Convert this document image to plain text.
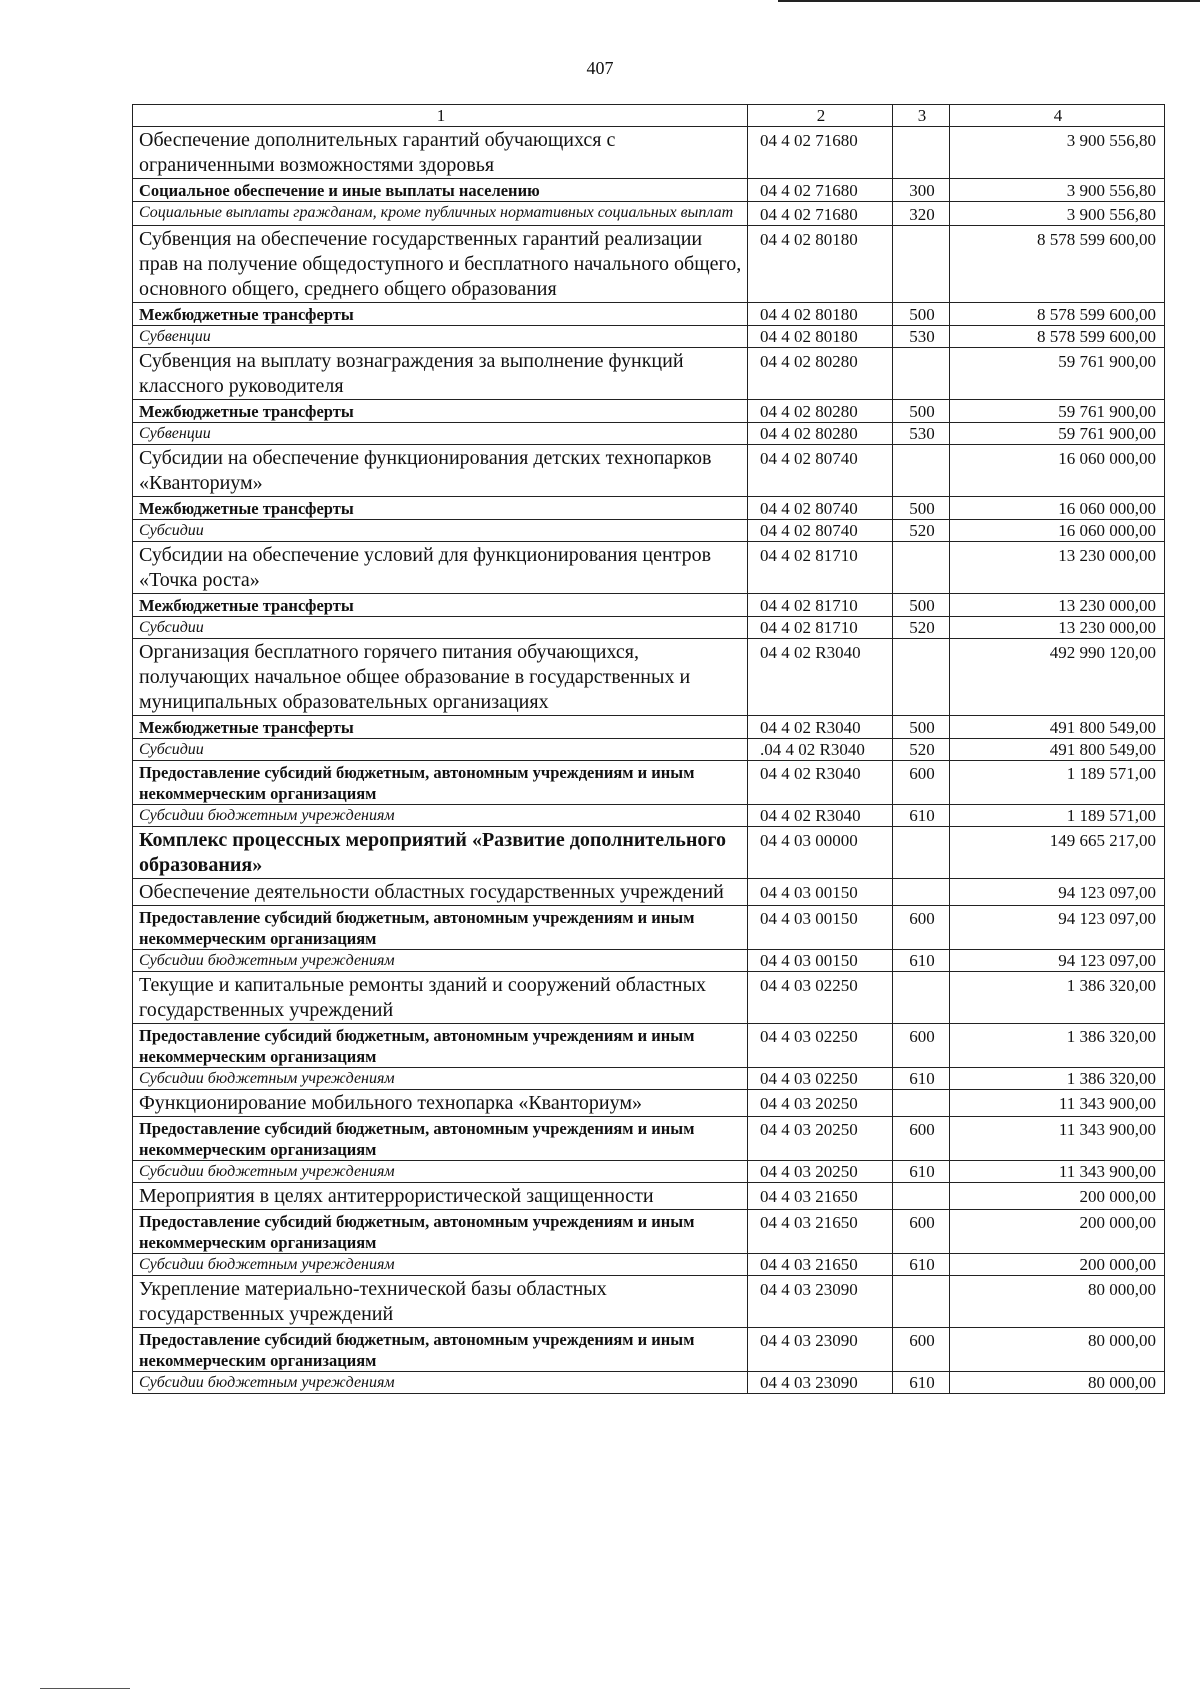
407
1	2	3	4
Обеспечение дополнительных гарантий обучающихся с ограниченными возможностями здоровья	04 4 02 71680		3 900 556,80
Социальное обеспечение и иные выплаты населению	04 4 02 71680	300	3 900 556,80
Социальные выплаты гражданам, кроме публичных нормативных социальных выплат	04 4 02 71680	320	3 900 556,80
Субвенция на обеспечение государственных гарантий реализации прав на получение общедоступного и бесплатного начального общего, основного общего, среднего общего образования	04 4 02 80180		8 578 599 600,00
Межбюджетные трансферты	04 4 02 80180	500	8 578 599 600,00
Субвенции	04 4 02 80180	530	8 578 599 600,00
Субвенция на выплату вознаграждения за выполнение функций классного руководителя	04 4 02 80280		59 761 900,00
Межбюджетные трансферты	04 4 02 80280	500	59 761 900,00
Субвенции	04 4 02 80280	530	59 761 900,00
Субсидии на обеспечение функционирования детских технопарков «Кванториум»	04 4 02 80740		16 060 000,00
Межбюджетные трансферты	04 4 02 80740	500	16 060 000,00
Субсидии	04 4 02 80740	520	16 060 000,00
Субсидии на обеспечение условий для функционирования центров «Точка роста»	04 4 02 81710		13 230 000,00
Межбюджетные трансферты	04 4 02 81710	500	13 230 000,00
Субсидии	04 4 02 81710	520	13 230 000,00
Организация бесплатного горячего питания обучающихся, получающих начальное общее образование в государственных и муниципальных образовательных организациях	04 4 02 R3040		492 990 120,00
Межбюджетные трансферты	04 4 02 R3040	500	491 800 549,00
Субсидии	.04 4 02 R3040	520	491 800 549,00
Предоставление субсидий бюджетным, автономным учреждениям и иным некоммерческим организациям	04 4 02 R3040	600	1 189 571,00
Субсидии бюджетным учреждениям	04 4 02 R3040	610	1 189 571,00
Комплекс процессных мероприятий «Развитие дополнительного образования»	04 4 03 00000		149 665 217,00
Обеспечение деятельности областных государственных учреждений	04 4 03 00150		94 123 097,00
Предоставление субсидий бюджетным, автономным учреждениям и иным некоммерческим организациям	04 4 03 00150	600	94 123 097,00
Субсидии бюджетным учреждениям	04 4 03 00150	610	94 123 097,00
Текущие и капитальные ремонты зданий и сооружений областных государственных учреждений	04 4 03 02250		1 386 320,00
Предоставление субсидий бюджетным, автономным учреждениям и иным некоммерческим организациям	04 4 03 02250	600	1 386 320,00
Субсидии бюджетным учреждениям	04 4 03 02250	610	1 386 320,00
Функционирование мобильного технопарка «Кванториум»	04 4 03 20250		11 343 900,00
Предоставление субсидий бюджетным, автономным учреждениям и иным некоммерческим организациям	04 4 03 20250	600	11 343 900,00
Субсидии бюджетным учреждениям	04 4 03 20250	610	11 343 900,00
Мероприятия в целях антитеррористической защищенности	04 4 03 21650		200 000,00
Предоставление субсидий бюджетным, автономным учреждениям и иным некоммерческим организациям	04 4 03 21650	600	200 000,00
Субсидии бюджетным учреждениям	04 4 03 21650	610	200 000,00
Укрепление материально-технической базы областных государственных учреждений	04 4 03 23090		80 000,00
Предоставление субсидий бюджетным, автономным учреждениям и иным некоммерческим организациям	04 4 03 23090	600	80 000,00
Субсидии бюджетным учреждениям	04 4 03 23090	610	80 000,00
